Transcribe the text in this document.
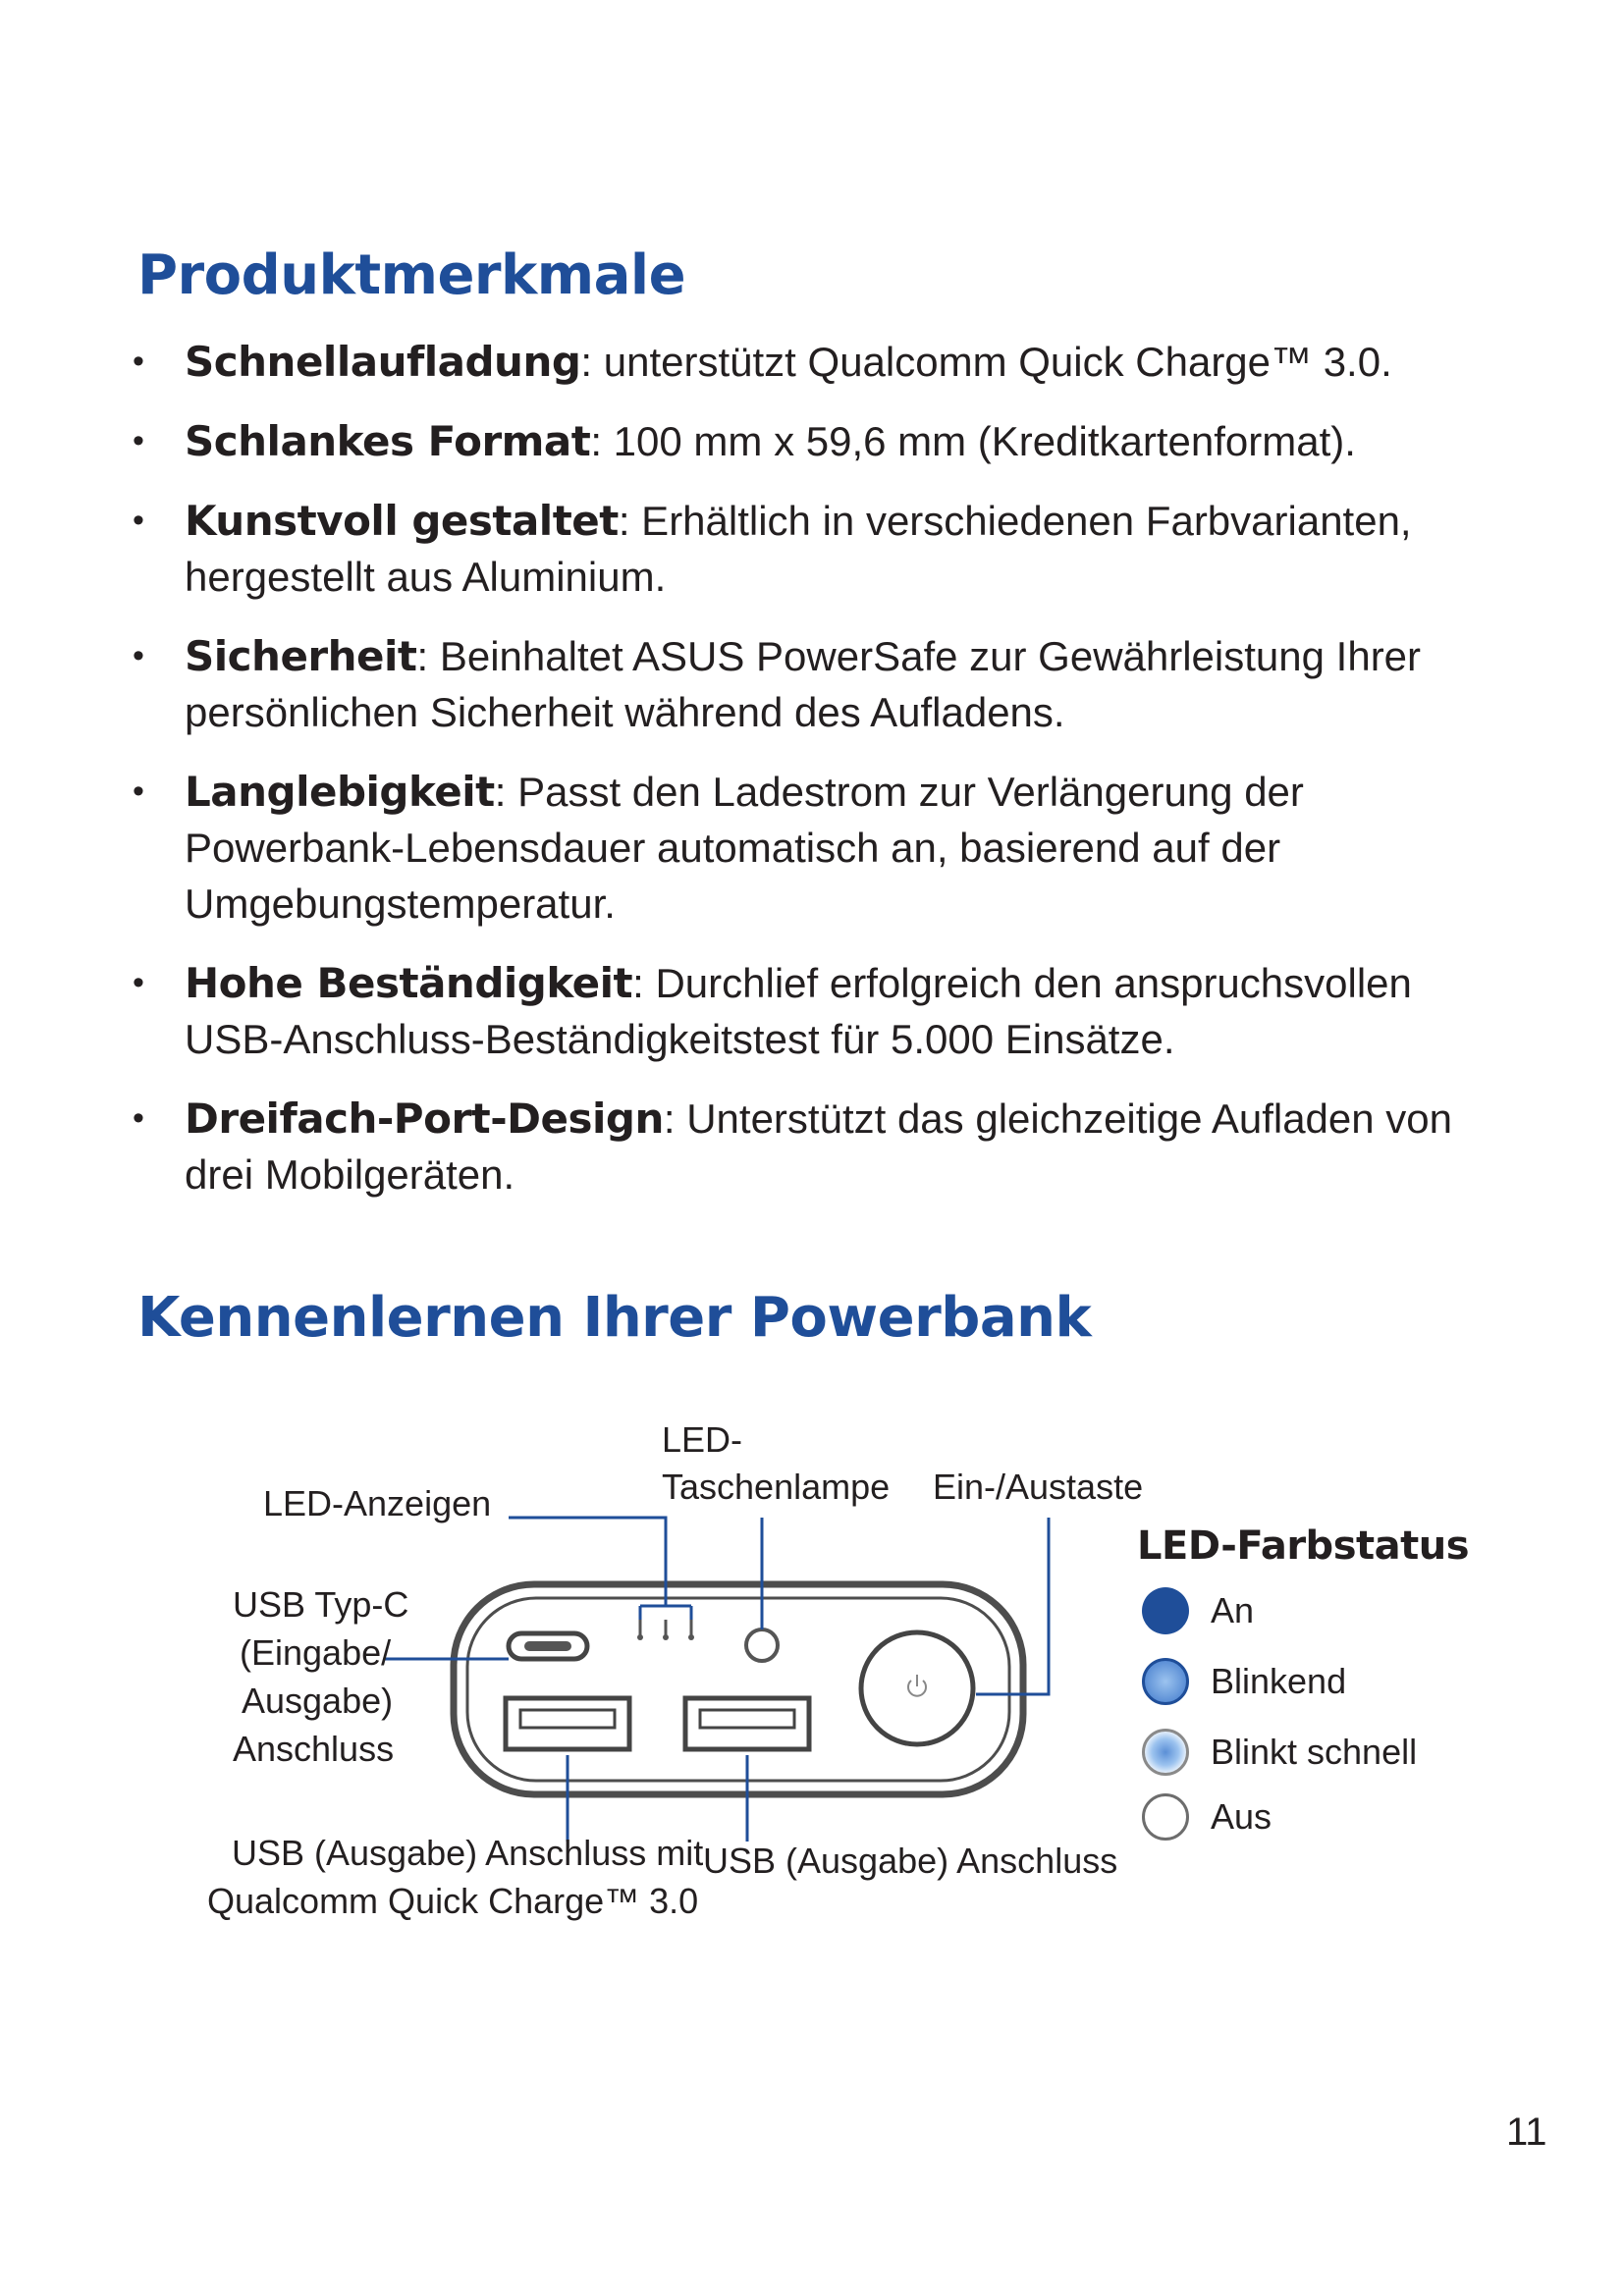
Produktmerkmale
• Schnellaufladung: unterstützt Qualcomm Quick Charge™ 3.0.
• Schlankes Format: 100 mm x 59,6 mm (Kreditkartenformat).
• Kunstvoll gestaltet: Erhältlich in verschiedenen Farbvarianten, hergestellt aus Aluminium.
• Sicherheit: Beinhaltet ASUS PowerSafe zur Gewährleistung Ihrer persönlichen Sicherheit während des Aufladens.
• Langlebigkeit: Passt den Ladestrom zur Verlängerung der Powerbank-Lebensdauer automatisch an, basierend auf der Umgebungstemperatur.
• Hohe Beständigkeit: Durchlief erfolgreich den anspruchsvollen USB-Anschluss-Beständigkeitstest für 5.000 Einsätze.
• Dreifach-Port-Design: Unterstützt das gleichzeitige Aufladen von drei Mobilgeräten.
Kennenlernen Ihrer Powerbank
LED-Anzeigen
LED-
Taschenlampe Ein-/Austaste
USB Typ-C
(Eingabe/
Ausgabe)
Anschluss
USB (Ausgabe) Anschluss mit
Qualcomm Quick Charge™ 3.0
USB (Ausgabe) Anschluss
LED-Farbstatus
An
Blinkend
Blinkt schnell
Aus
11
